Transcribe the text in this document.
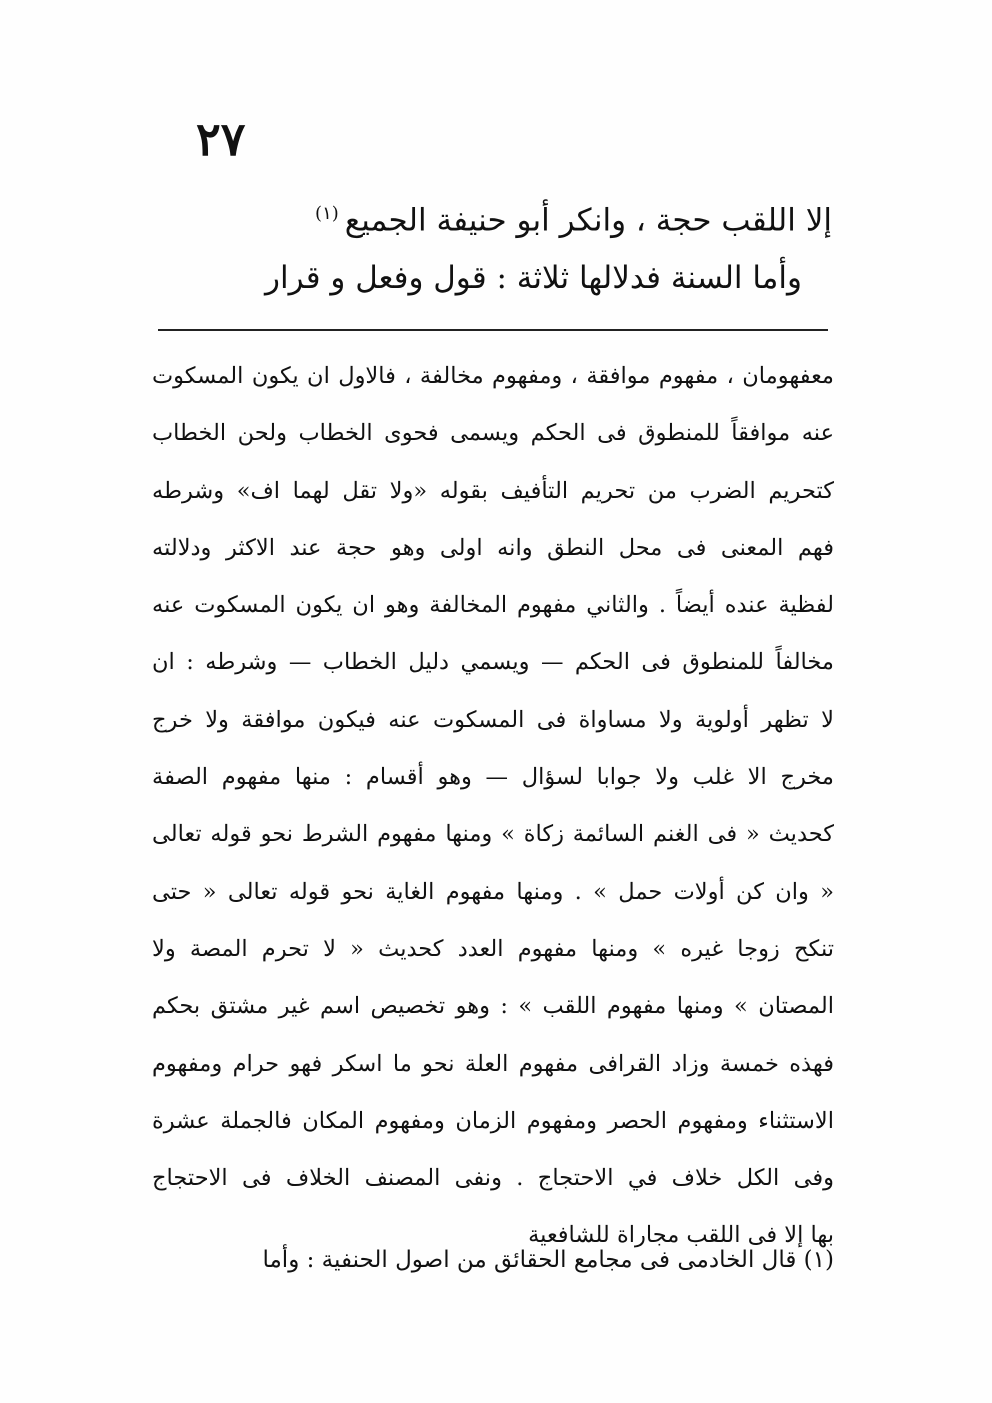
٢٧
إلا اللقب حجة ، وانكر أبو حنيفة الجميع$^{(١)}$
وأما السنة فدلالها ثلاثة : قول وفعل و قرار
معفهومان ، مفهوم موافقة ، ومفهوم مخالفة ، فالاول ان يكون المسكوت
عنه موافقاً للمنطوق فى الحكم ويسمى فحوى الخطاب ولحن الخطاب
كتحريم الضرب من تحريم التأفيف بقوله «ولا تقل لهما اف» وشرطه
فهم المعنى فى محل النطق وانه اولى وهو حجة عند الاكثر ودلالته
لفظية عنده أيضاً . والثاني مفهوم المخالفة وهو ان يكون المسكوت عنه
مخالفاً للمنطوق فى الحكم — ويسمي دليل الخطاب — وشرطه : ان
لا تظهر أولوية ولا مساواة فى المسكوت عنه فيكون موافقة ولا خرج
مخرج الا غلب ولا جوابا لسؤال — وهو أقسام : منها مفهوم الصفة
كحديث « فى الغنم السائمة زكاة » ومنها مفهوم الشرط نحو قوله تعالى
« وان كن أولات حمل » . ومنها مفهوم الغاية نحو قوله تعالى « حتى
تنكح زوجا غيره » ومنها مفهوم العدد كحديث « لا تحرم المصة ولا
المصتان » ومنها مفهوم اللقب » : وهو تخصيص اسم غير مشتق بحكم
فهذه خمسة وزاد القرافى مفهوم العلة نحو ما اسكر فهو حرام ومفهوم
الاستثناء ومفهوم الحصر ومفهوم الزمان ومفهوم المكان فالجملة عشرة
وفى الكل خلاف في الاحتجاج . ونفى المصنف الخلاف فى الاحتجاج
بها إلا فى اللقب مجاراة للشافعية
(١) قال الخادمى فى مجامع الحقائق من اصول الحنفية : وأما
